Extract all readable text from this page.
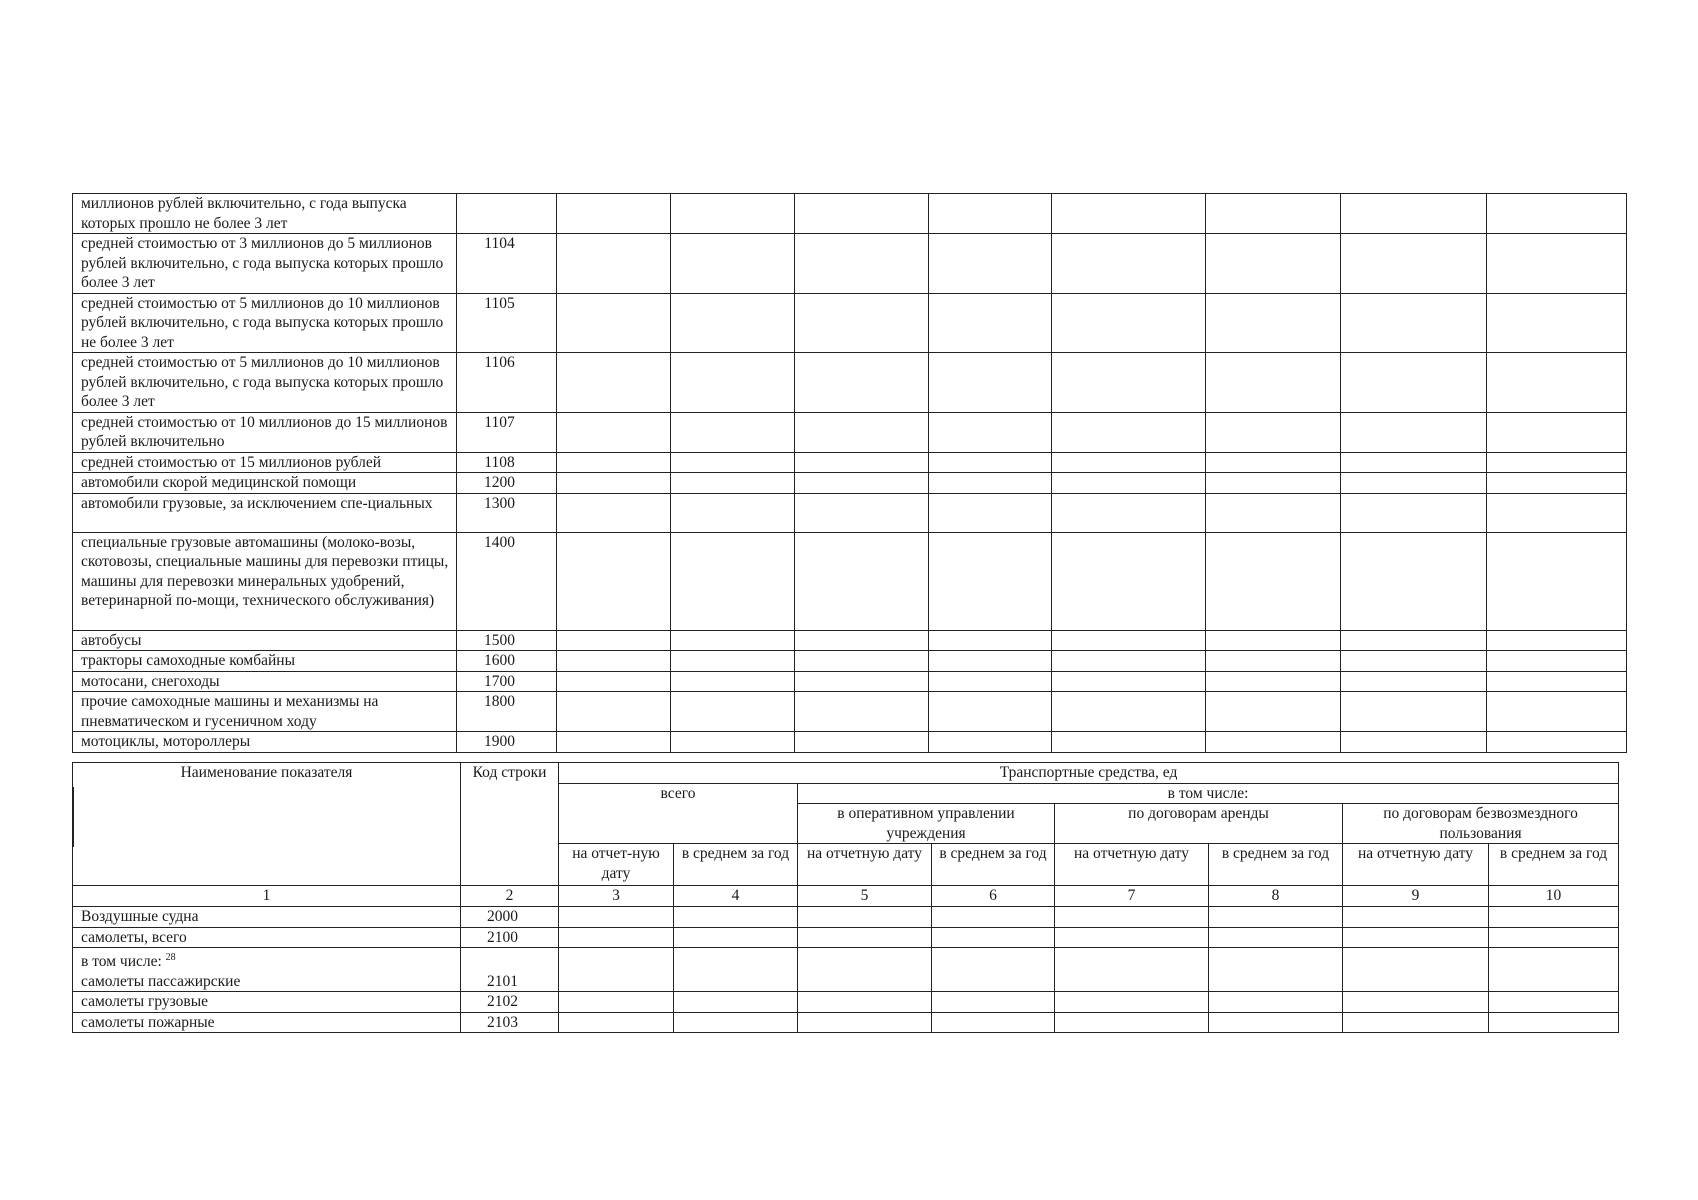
миллионов рублей включительно, с года выпуска которых прошло не более 3 лет									
средней стоимостью от 3 миллионов до 5 миллионов рублей включительно, с года выпуска которых прошло более 3 лет	1104								
средней стоимостью от 5 миллионов до 10 миллионов рублей включительно, с года выпуска которых прошло не более 3 лет	1105								
средней стоимостью от 5 миллионов до 10 миллионов рублей включительно, с года выпуска которых прошло более 3 лет	1106								
средней стоимостью от 10 миллионов до 15 миллионов рублей включительно	1107								
средней стоимостью от 15 миллионов рублей	1108								
автомобили скорой медицинской помощи	1200								
автомобили грузовые, за исключением спе-циальных	1300								
специальные грузовые автомашины (молоко-возы, скотовозы, специальные машины для перевозки птицы, машины для перевозки минеральных удобрений, ветеринарной по-мощи, технического обслуживания)	1400								
автобусы	1500								
тракторы самоходные комбайны	1600								
мотосани, снегоходы	1700								
прочие самоходные машины и механизмы на пневматическом и гусеничном ходу	1800								
мотоциклы, мотороллеры	1900								
Наименование показателя	Код строки	Транспортные средства, ед							
		всего		в том числе:					
				в оперативном управлении учреждения		по договорам аренды		по договорам безвозмездного пользования	
		на отчет-ную дату	в среднем за год	на отчетную дату	в среднем за год	на отчетную дату	в среднем за год	на отчетную дату	в среднем за год
1	2	3	4	5	6	7	8	9	10
Воздушные судна	2000								
самолеты, всего	2100								
в том числе: $^{28}$
самолеты пассажирские	2101								
самолеты грузовые	2102								
самолеты пожарные	2103								
